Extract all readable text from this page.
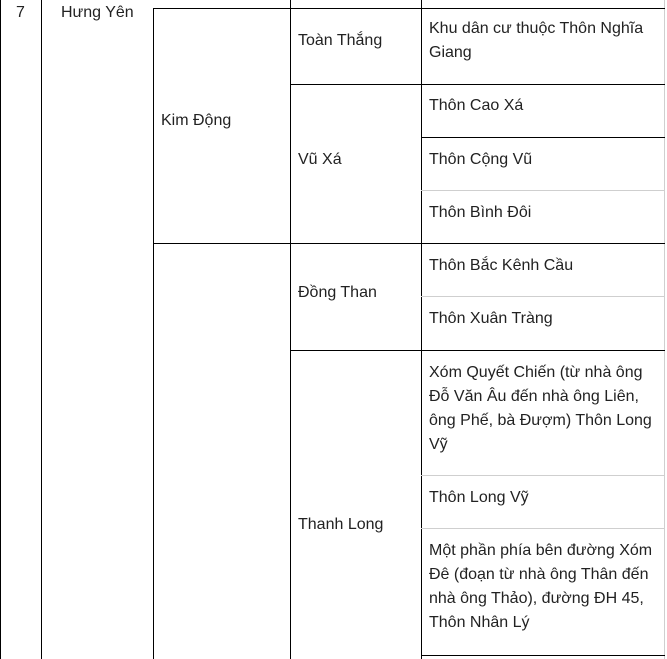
7 Hưng Yên
Kim Động
Toàn Thắng
Vũ Xá
Đồng Than
Thanh Long
Khu dân cư thuộc Thôn Nghĩa Giang
Thôn Cao Xá
Thôn Cộng Vũ
Thôn Bình Đôi
Thôn Bắc Kênh Cầu
Thôn Xuân Tràng
Xóm Quyết Chiến (từ nhà ông Đỗ Văn Âu đến nhà ông Liên, ông Phế, bà Đượm) Thôn Long Vỹ
Thôn Long Vỹ
Một phần phía bên đường Xóm Đê (đoạn từ nhà ông Thân đến nhà ông Thảo), đường ĐH 45, Thôn Nhân Lý
